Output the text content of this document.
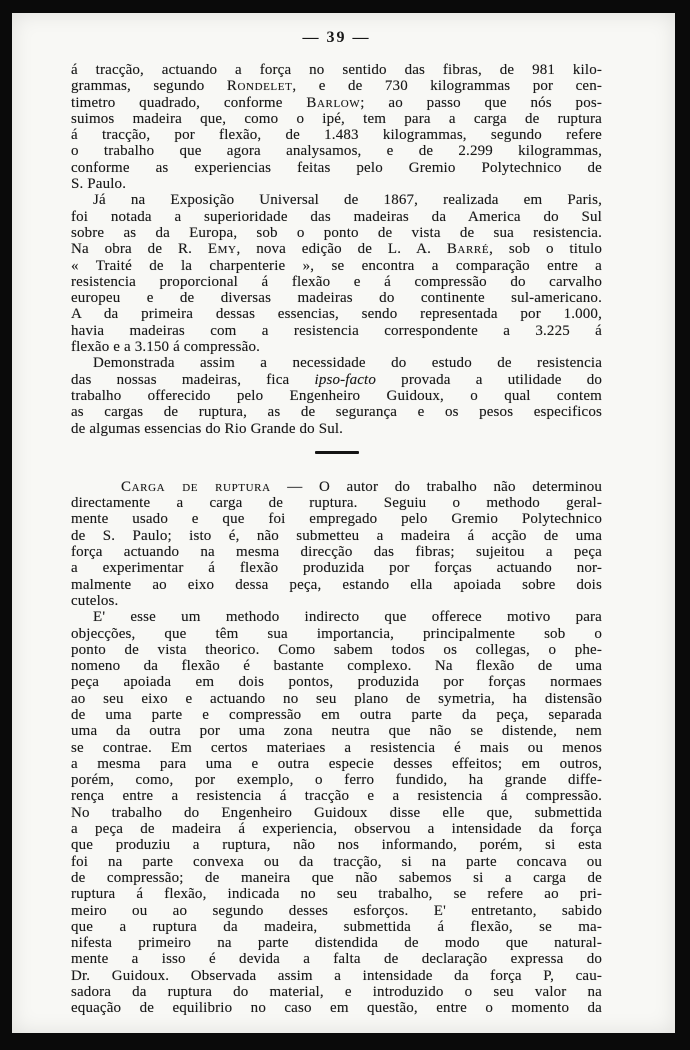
— 39 —
á tracção, actuando a força no sentido das fibras, de 981 kilo-
grammas, segundo Rondelet, e de 730 kilogrammas por cen-
timetro quadrado, conforme Barlow; ao passo que nós pos-
suimos madeira que, como o ipé, tem para a carga de ruptura
á tracção, por flexão, de 1.483 kilogrammas, segundo refere
o trabalho que agora analysamos, e de 2.299 kilogrammas,
conforme as experiencias feitas pelo Gremio Polytechnico de
S. Paulo.
Já na Exposição Universal de 1867, realizada em Paris,
foi notada a superioridade das madeiras da America do Sul
sobre as da Europa, sob o ponto de vista de sua resistencia.
Na obra de R. Emy, nova edição de L. A. Barré, sob o titulo
« Traité de la charpenterie », se encontra a comparação entre a
resistencia proporcional á flexão e á compressão do carvalho
europeu e de diversas madeiras do continente sul-americano.
A da primeira dessas essencias, sendo representada por 1.000,
havia madeiras com a resistencia correspondente a 3.225 á
flexão e a 3.150 á compressão.
Demonstrada assim a necessidade do estudo de resistencia
das nossas madeiras, fica ipso-facto provada a utilidade do
trabalho offerecido pelo Engenheiro Guidoux, o qual contem
as cargas de ruptura, as de segurança e os pesos especificos
de algumas essencias do Rio Grande do Sul.
Carga de ruptura — O autor do trabalho não determinou
directamente a carga de ruptura. Seguiu o methodo geral-
mente usado e que foi empregado pelo Gremio Polytechnico
de S. Paulo; isto é, não submetteu a madeira á acção de uma
força actuando na mesma direcção das fibras; sujeitou a peça
a experimentar á flexão produzida por forças actuando nor-
malmente ao eixo dessa peça, estando ella apoiada sobre dois
cutelos.
E' esse um methodo indirecto que offerece motivo para
objecções, que têm sua importancia, principalmente sob o
ponto de vista theorico. Como sabem todos os collegas, o phe-
nomeno da flexão é bastante complexo. Na flexão de uma
peça apoiada em dois pontos, produzida por forças normaes
ao seu eixo e actuando no seu plano de symetria, ha distensão
de uma parte e compressão em outra parte da peça, separada
uma da outra por uma zona neutra que não se distende, nem
se contrae. Em certos materiaes a resistencia é mais ou menos
a mesma para uma e outra especie desses effeitos; em outros,
porém, como, por exemplo, o ferro fundido, ha grande diffe-
rença entre a resistencia á tracção e a resistencia á compressão.
No trabalho do Engenheiro Guidoux disse elle que, submettida
a peça de madeira á experiencia, observou a intensidade da força
que produziu a ruptura, não nos informando, porém, si esta
foi na parte convexa ou da tracção, si na parte concava ou
de compressão; de maneira que não sabemos si a carga de
ruptura á flexão, indicada no seu trabalho, se refere ao pri-
meiro ou ao segundo desses esforços. E' entretanto, sabido
que a ruptura da madeira, submettida á flexão, se ma-
nifesta primeiro na parte distendida de modo que natural-
mente a isso é devida a falta de declaração expressa do
Dr. Guidoux. Observada assim a intensidade da força P, cau-
sadora da ruptura do material, e introduzido o seu valor na
equação de equilibrio no caso em questão, entre o momento da
